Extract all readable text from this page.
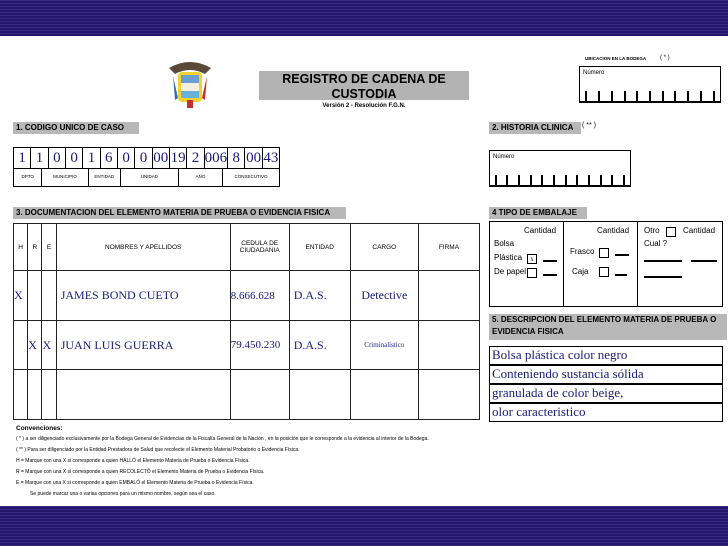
REGISTRO DE CADENA DE CUSTODIA
Versión 2 - Resolución F.G.N.
UBICACION EN LA BODEGA ( * )
Número
1. CODIGO UNICO DE CASO
1 1 0 0 1 6 0 0 00 19 2 006 8 00 43
DPTO	MUNICIPIO	ENTIDAD	UNIDAD	AÑO	CONSECUTIVO
2. HISTORIA CLINICA	( ** )
Número
3. DOCUMENTACION DEL ELEMENTO MATERIA DE PRUEBA O EVIDENCIA FISICA
H	R	E	NOMBRES Y APELLIDOS	CEDULA DE CIUDADANIA	ENTIDAD	CARGO	FIRMA
X			JAMES BOND CUETO	8.666.628	D.A.S.	Detective	
	X	X	JUAN LUIS GUERRA	79.450.230	D.A.S.	Criminalístico	

Convenciones:
( * ) a ser diligenciado exclusivamente por la Bodega General de Evidencias de la Fiscalía General de la Nación , en la posición que le corresponde a la evidencia al interior de la Bodega.
( ** ) Para ser diligenciado por la Entidad Prestadora de Salud que recolecte el Elemento Material Probatorio o Evidencia Física.
H = Marque con una X si corresponde a quien HALLÓ el Elemento Materia de Prueba o Evidencia Física.
R = Marque con una X si corresponde a quien RECOLECTÓ el Elemento Materia de Prueba o Evidencia Física.
E = Marque con una X si corresponde a quien EMBALÓ el Elemento Materia de Prueba o Evidencia Física.
Se puede marcar una o varias opciones para un mismo nombre, según sea el caso.
4 TIPO DE EMBALAJE
Cantidad
Bolsa
Plástica	x
De papel
Cantidad
Frasco
Caja
Otro	Cantidad
Cual ?
5. DESCRIPCION DEL ELEMENTO MATERIA DE PRUEBA O EVIDENCIA FISICA
Bolsa plástica color negro
Conteniendo sustancia sólida
granulada de color beige,
olor caracteristico
